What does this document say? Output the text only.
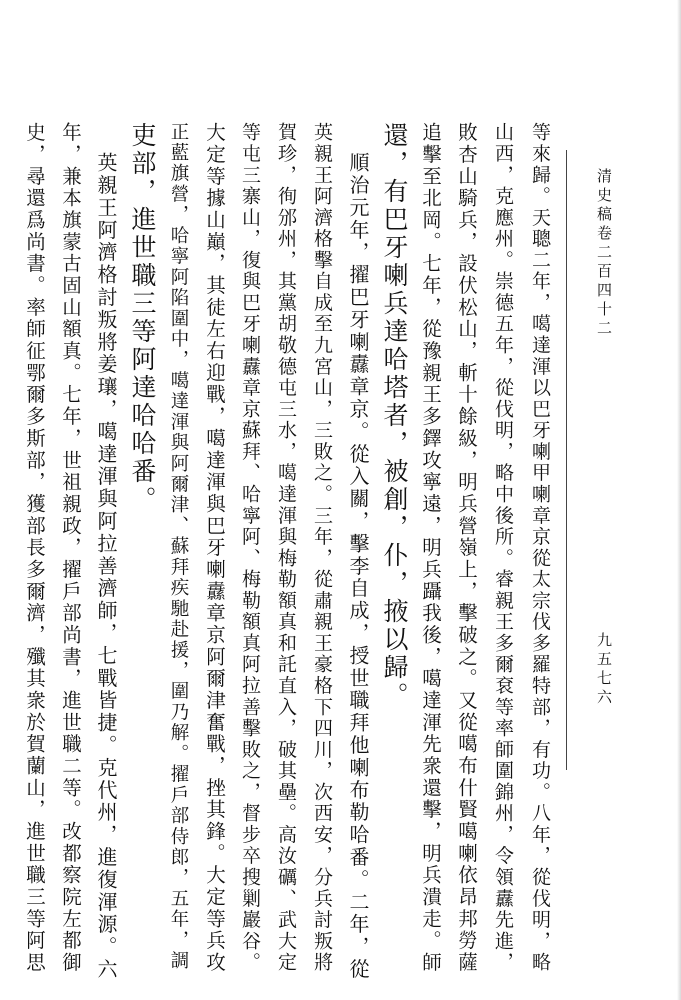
清史稿卷二百四十二
九五七六
等來歸。天聰二年，噶達渾以巴牙喇甲喇章京從太宗伐多羅特部，有功。八年，從伐明，略
山西，克應州。崇德五年，從伐明，略中後所。睿親王多爾袞等率師圍錦州，令領纛先進，
敗杏山騎兵，設伏松山，斬十餘級，明兵營嶺上，擊破之。又從噶布什賢噶喇依昂邦勞薩
追擊至北岡。七年，從豫親王多鐸攻寧遠，明兵躡我後，噶達渾先衆還擊，明兵潰走。師
還，有巴牙喇兵達哈塔者，被創，仆，掖以歸。
順治元年，擢巴牙喇纛章京。從入關，擊李自成，授世職拜他喇布勒哈番。二年，從
英親王阿濟格擊自成至九宮山，三敗之。三年，從肅親王豪格下四川，次西安，分兵討叛將
賀珍，徇邠州，其黨胡敬德屯三水，噶達渾與梅勒額真和託直入，破其壘。高汝礪、武大定
等屯三寨山，復與巴牙喇纛章京蘇拜、哈寧阿、梅勒額真阿拉善擊敗之，督步卒搜剿巖谷。
大定等據山巔，其徒左右迎戰，噶達渾與巴牙喇纛章京阿爾津奮戰，挫其鋒。大定等兵攻
正藍旗營，哈寧阿陷圍中，噶達渾與阿爾津、蘇拜疾馳赴援，圍乃解。擢戶部侍郎，五年，調
吏部，進世職三等阿達哈哈番。
英親王阿濟格討叛將姜瓖，噶達渾與阿拉善濟師，七戰皆捷。克代州，進復渾源。六
年，兼本旗蒙古固山額真。七年，世祖親政，擢戶部尚書，進世職二等。改都察院左都御
史，尋還爲尚書。率師征鄂爾多斯部，獲部長多爾濟，殲其衆於賀蘭山，進世職三等阿思
